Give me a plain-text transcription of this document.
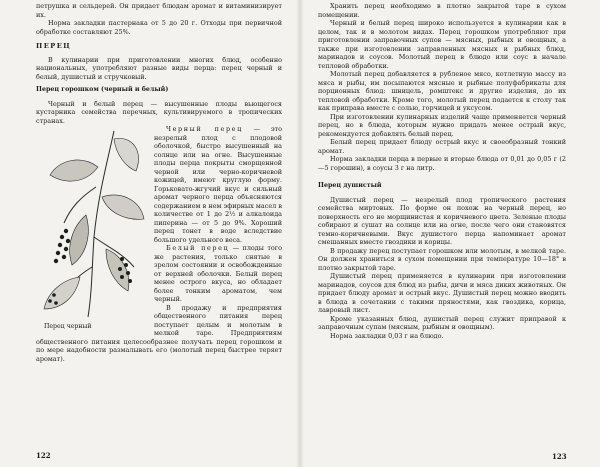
петрушка и сельдерей. Он придает блюдам аромат и витаминизирует их.

Норма закладки пастернака от 5 до 20 г. Отходы при первичной обработке составляют 25%.

ПЕРЕЦ

В кулинарии при приготовлении многих блюд, особенно национальных, употребляют разные виды перца: перец черный и белый, душистый и стручковый.

Перец горошком (черный и белый)

Черный и белый перец — высушенные плоды вьющегося кустарника семейства перечных, культивируемого в тропических странах.

Перец черный

Черный перец — это незрелый плод с плодовой оболочкой, быстро высушенный на солнце или на огне. Высушенные плоды перца покрыты сморщенной черной или черно-коричневой кожицей, имеют круглую форму. Горьковато-жгучий вкус и сильный аромат черного перца объясняются содержанием в нем эфирных масел в количестве от 1 до 2½ и алкалоида пиперина — от 5 до 9%. Хороший перец тонет в воде вследствие большого удельного веса.

Белый перец — плоды того же растения, только снятые в зрелом состоянии и освобожденные от верхней оболочки. Белый перец менее острого вкуса, но обладает более тонким ароматом, чем черный.

В продажу и предприятия общественного питания перец поступает целым и молотым в мелкой таре. Предприятиям общественного питания целесообразнее получать перец горошком и по мере надобности размалывать его (молотый перец быстрее теряет аромат).

Хранить перец необходимо в плотно закрытой таре в сухом помещении.

Черный и белый перец широко используется в кулинарии как в целом, так и в молотом видах. Перец горошком употребляют при приготовлении заправочных супов — мясных, рыбных и овощных, а также при изготовлении заправленных мясных и рыбных блюд, маринадов и соусов. Молотый перец в блюдо или соус в начале тепловой обработки.

Молотый перец добавляется в рубленое мясо, котлетную массу из мяса и рыбы, им посыпаются мясные и рыбные полуфабрикаты для порционных блюд: шницель, ромштекс и другие изделия, до их тепловой обработки. Кроме того, молотый перец подается к столу так как приправа вместе с солью, горчицей и уксусом.

При изготовлении кулинарных изделий чаще применяется черный перец, но в блюда, которым нужно придать менее острый вкус, рекомендуется добавлять белый перец.

Белый перец придает блюду острый вкус и своеобразный тонкий аромат.

Норма закладки перца в первые и вторые блюда от 0,01 до 0,05 г (2—5 горошин), в соусы 3 г на литр.

Перец душистый

Душистый перец — незрелый плод тропического растения семейства миртовых. По форме он похож на черный перец, но поверхность его не морщинистая и коричневого цвета. Зеленые плоды собирают и сушат на солнце или на огне, после чего они становятся темно-коричневыми. Вкус душистого перца напоминает аромат смешанных вместе гвоздики и корицы.

В продажу перец поступает горошком или молотым, в мелкой таре. Он должен храниться в сухом помещении при температуре 10—18° в плотно закрытой таре.

Душистый перец применяется в кулинарии при изготовлении маринадов, соусов для блюд из рыбы, дичи и мяса диких животных. Он придает блюду аромат и острый вкус. Душистый перец можно вводить в блюда в сочетании с такими пряностями, как гвоздика, корица, лавровый лист.

Кроме указанных блюд, душистый перец служит приправой к заправочным супам (мясным, рыбным и овощным).

Норма закладки 0,03 г на блюдо.

122	123
